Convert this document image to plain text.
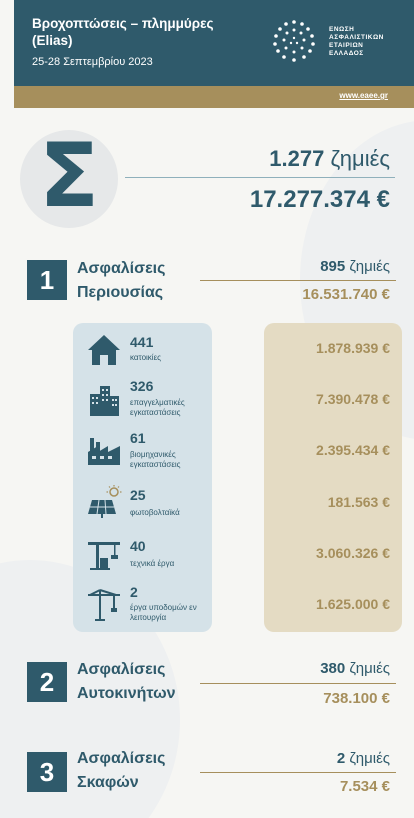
Βροχοπτώσεις – πλημμύρες (Elias)
25-28 Σεπτεμβρίου 2023
ΕΝΩΣΗ
ΑΣΦΑΛΙΣΤΙΚΩΝ
ΕΤΑΙΡΙΩΝ
ΕΛΛΑΔΟΣ
www.eaee.gr
Σ	1.277 ζημιές
17.277.374 €
1	Ασφαλίσεις
Περιουσίας
895 ζημιές
16.531.740 €
441
κατοικίες
1.878.939 €
326
επαγγελματικές εγκαταστάσεις
7.390.478 €
61
βιομηχανικές εγκαταστάσεις
2.395.434 €
25
φωτοβολταϊκά
181.563 €
40
τεχνικά έργα
3.060.326 €
2
έργα υποδομών εν λειτουργία
1.625.000 €
2	Ασφαλίσεις
Αυτοκινήτων
380 ζημιές
738.100 €
3	Ασφαλίσεις
Σκαφών
2 ζημιές
7.534 €
